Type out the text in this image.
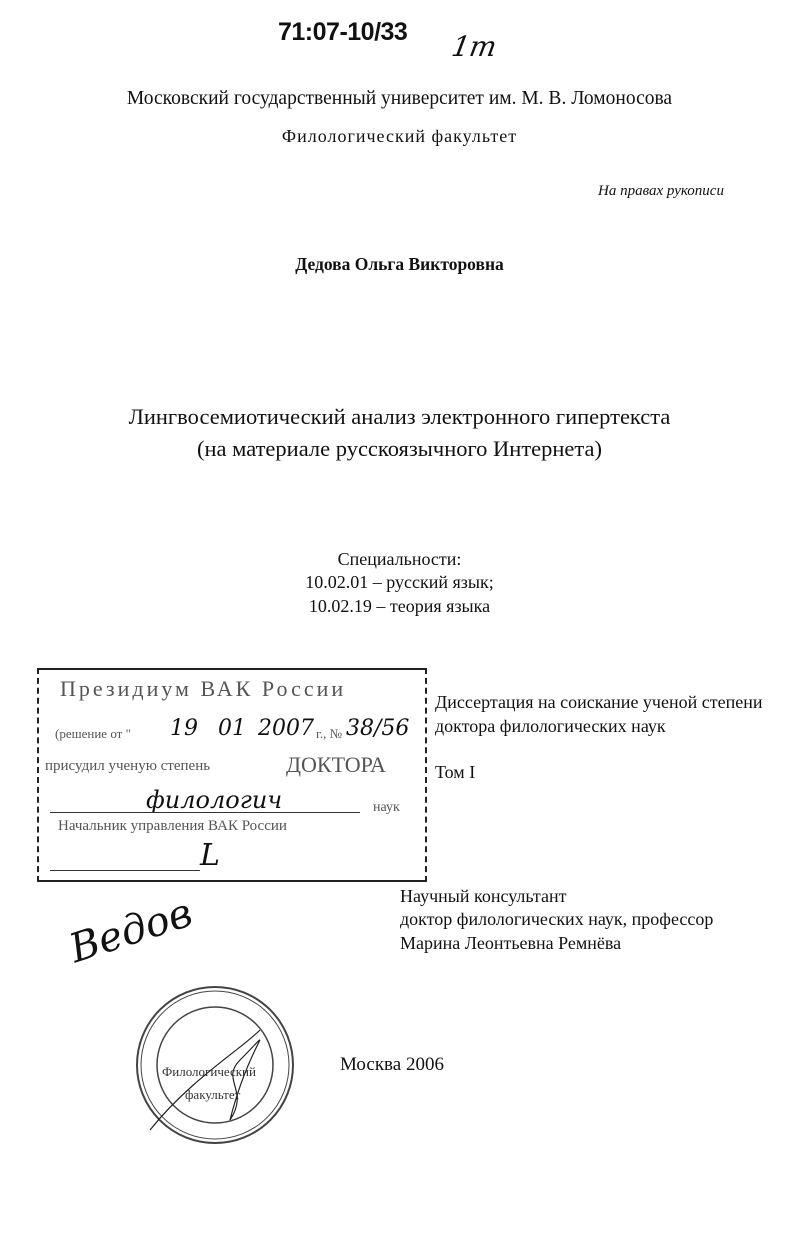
71:07-10/33 1т
Московский государственный университет им. М. В. Ломоносова
Филологический факультет
На правах рукописи
Дедова Ольга Викторовна
Лингвосемиотический анализ электронного гипертекста
(на материале русскоязычного Интернета)
Специальности:
10.02.01 – русский язык;
10.02.19 – теория языка
Президиум ВАК России
(решение от " 19 01 2007 г., № 38/56
присудил ученую степень	ДОКТОРА
филологич	наук
Начальник управления ВАК России
L
Диссертация на соискание ученой степени
доктора филологических наук
Том I
Научный консультант
доктор филологических наук, профессор
Марина Леонтьевна Ремнёва
Ведов
Филологический
факультет
Москва 2006
